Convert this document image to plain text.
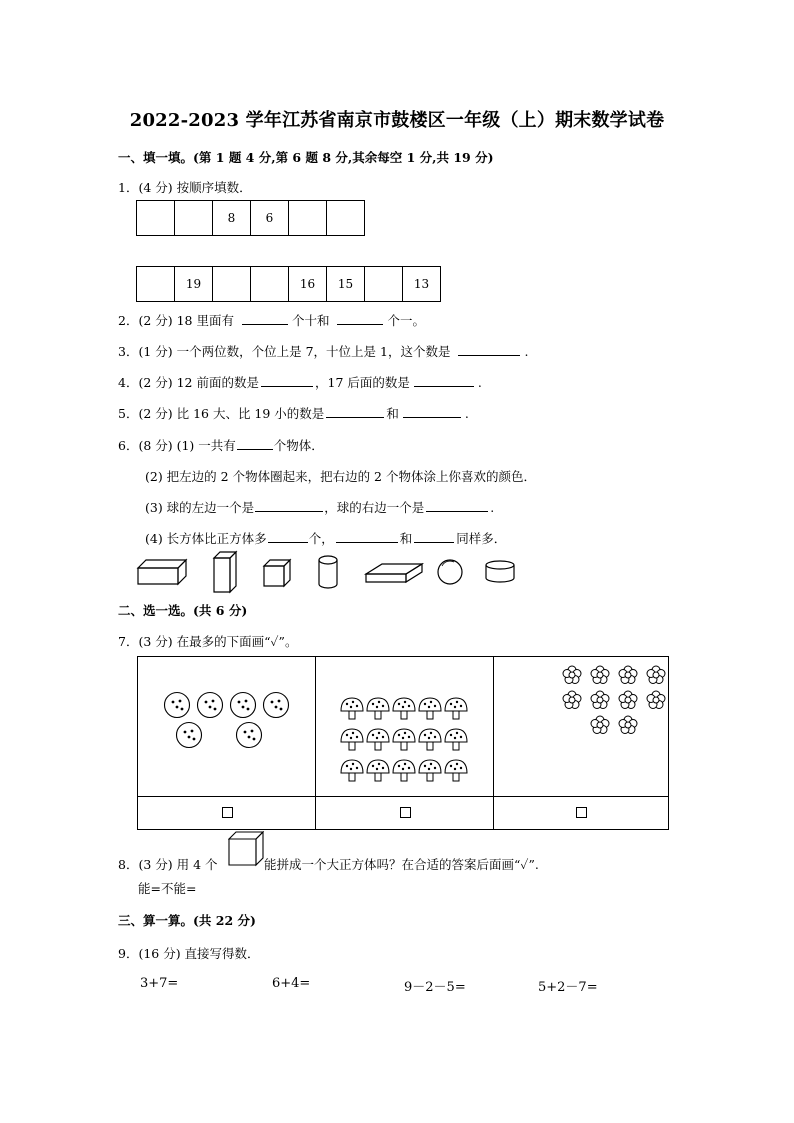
2022-2023 学年江苏省南京市鼓楼区一年级（上）期末数学试卷
一、填一填。(第 1 题 4 分,第 6 题 8 分,其余每空 1 分,共 19 分)
1．(4 分) 按顺序填数．
		8	6		
	19			16	15		13
2．(2 分) 18 里面有	个十和	个一。
3．(1 分) 一个两位数，个位上是 7，十位上是 1，这个数是	.
4．(2 分) 12 前面的数是	，17 后面的数是	.
5．(2 分) 比 16 大、比 19 小的数是	和	.
6．(8 分) (1) 一共有	个物体．
(2) 把左边的 2 个物体圈起来，把右边的 2 个物体涂上你喜欢的颜色．
(3) 球的左边一个是	，球的右边一个是	.
(4) 长方体比正方体多	个，	和	同样多．
二、选一选。(共 6 分)
7．(3 分) 在最多的下面画“✓”。
8．(3 分) 用 4 个	能拼成一个大正方体吗？在合适的答案后面画“✓”.
能=不能=
三、算一算。(共 22 分)
9．(16 分) 直接写得数．
3+7=	6+4=	9－2－5=	5+2－7=
